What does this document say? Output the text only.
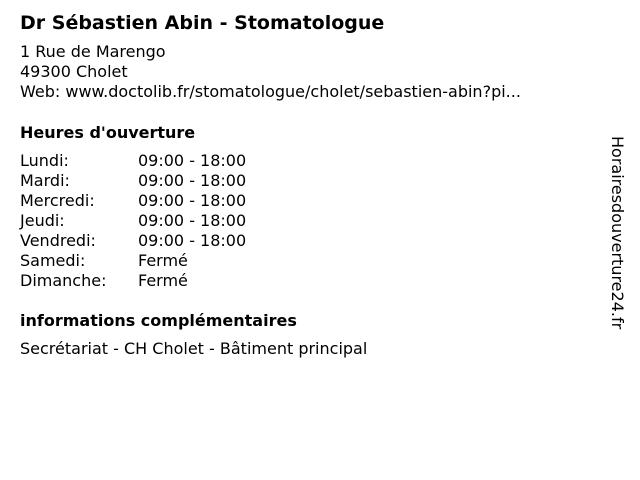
Dr Sébastien Abin - Stomatologue
1 Rue de Marengo
49300 Cholet
Web: www.doctolib.fr/stomatologue/cholet/sebastien-abin?pi...
Heures d'ouverture
Lundi:	09:00 - 18:00
Mardi:	09:00 - 18:00
Mercredi:	09:00 - 18:00
Jeudi:	09:00 - 18:00
Vendredi:	09:00 - 18:00
Samedi:	Fermé
Dimanche:	Fermé
informations complémentaires
Secrétariat - CH Cholet - Bâtiment principal
Horairesdouverture24.fr
